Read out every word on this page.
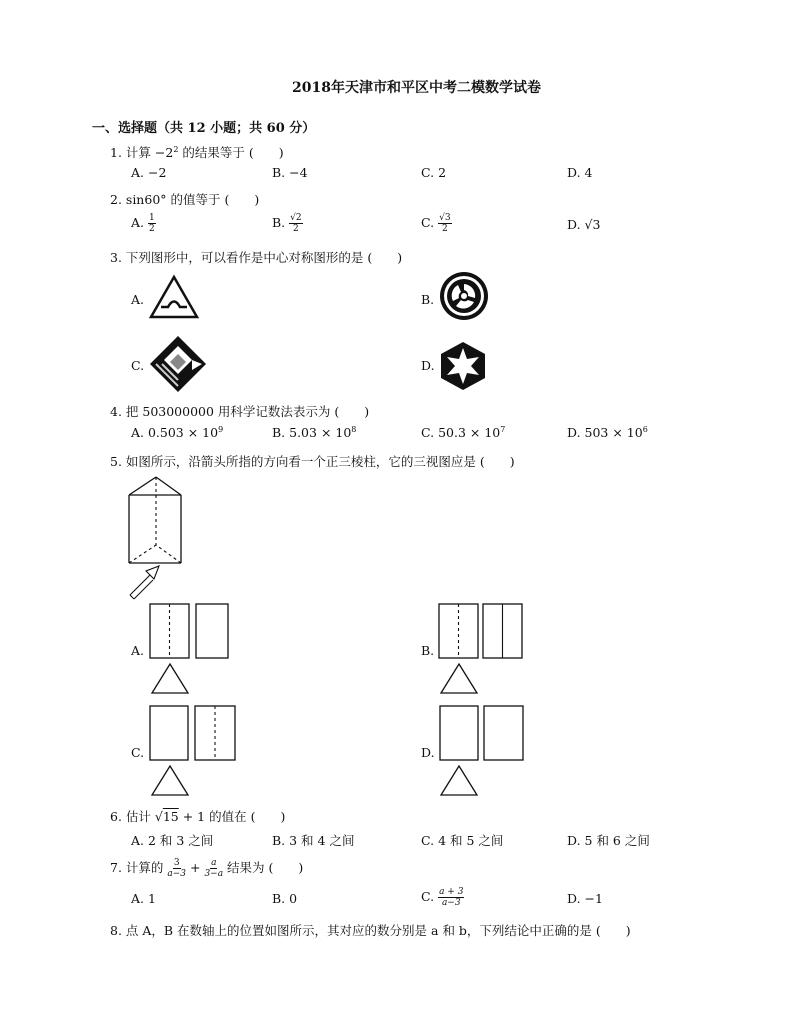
2018年天津市和平区中考二模数学试卷
一、选择题（共 12 小题；共 60 分）
1. 计算 $-2^2$ 的结果等于 (　　)
A. −2	B. −4	C. 2	D. 4
2. sin60° 的值等于 (　　)
A. $\frac{1}{2}$	B. $\frac{√2}{2}$	C. $\frac{√3}{2}$	D. √3
3. 下列图形中，可以看作是中心对称图形的是 (　　)
A.	B.
C.	D.
4. 把 503000000 用科学记数法表示为 (　　)
A. $0.503 \times 10^9$	B. $5.03 \times 10^8$	C. $50.3 \times 10^7$	D. $503 \times 10^6$
5. 如图所示，沿箭头所指的方向看一个正三棱柱，它的三视图应是 (　　)
A.	B.
C.	D.
6. 估计 √15 + 1 的值在 (　　)
A. 2 和 3 之间	B. 3 和 4 之间	C. 4 和 5 之间	D. 5 和 6 之间
7. 计算的 $\frac{3}{a-3} + \frac{a}{3-a}$ 结果为 (　　)
A. 1	B. 0	C. $\frac{a + 3}{a-3}$	D. −1
8. 点 A，B 在数轴上的位置如图所示，其对应的数分别是 a 和 b，下列结论中正确的是 (　　)
